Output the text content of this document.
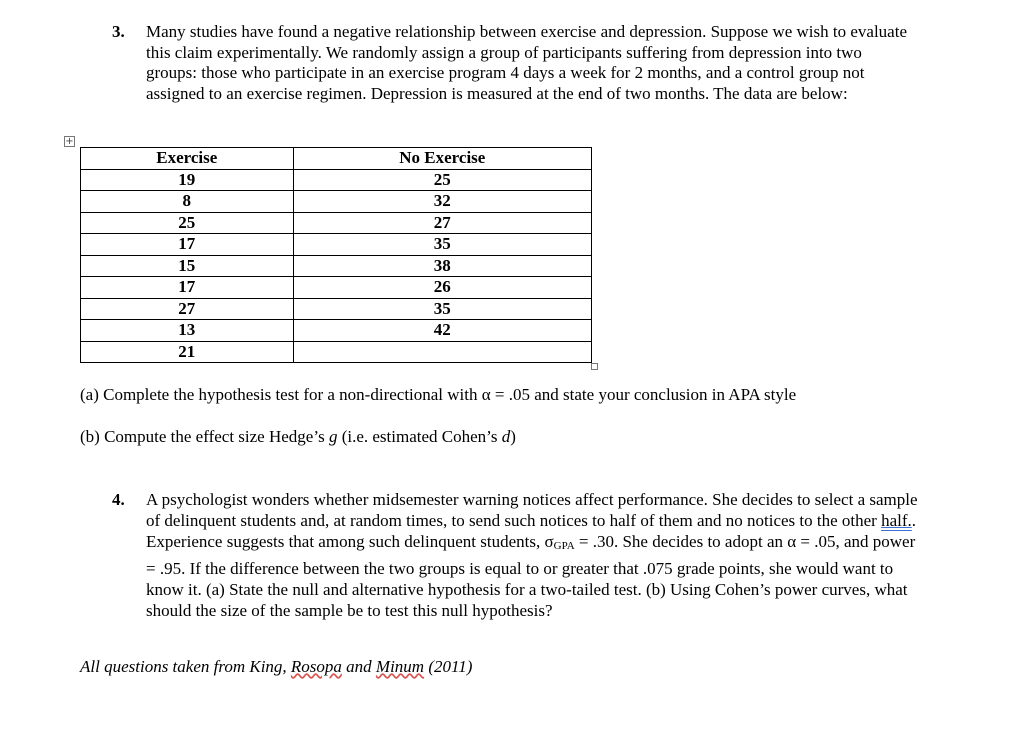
3. Many studies have found a negative relationship between exercise and depression. Suppose we wish to evaluate this claim experimentally. We randomly assign a group of participants suffering from depression into two groups: those who participate in an exercise program 4 days a week for 2 months, and a control group not assigned to an exercise regimen. Depression is measured at the end of two months. The data are below:
+
Exercise	No Exercise
19	25
8	32
25	27
17	35
15	38
17	26
27	35
13	42
21	
(a) Complete the hypothesis test for a non-directional with α = .05 and state your conclusion in APA style
(b) Compute the effect size Hedge’s g (i.e. estimated Cohen’s d)
4. A psychologist wonders whether midsemester warning notices affect performance. She decides to select a sample of delinquent students and, at random times, to send such notices to half of them and no notices to the other half.. Experience suggests that among such delinquent students, σGPA = .30. She decides to adopt an α = .05, and power = .95. If the difference between the two groups is equal to or greater that .075 grade points, she would want to know it. (a) State the null and alternative hypothesis for a two-tailed test. (b) Using Cohen’s power curves, what should the size of the sample be to test this null hypothesis?
All questions taken from King, Rosopa and Minum (2011)
